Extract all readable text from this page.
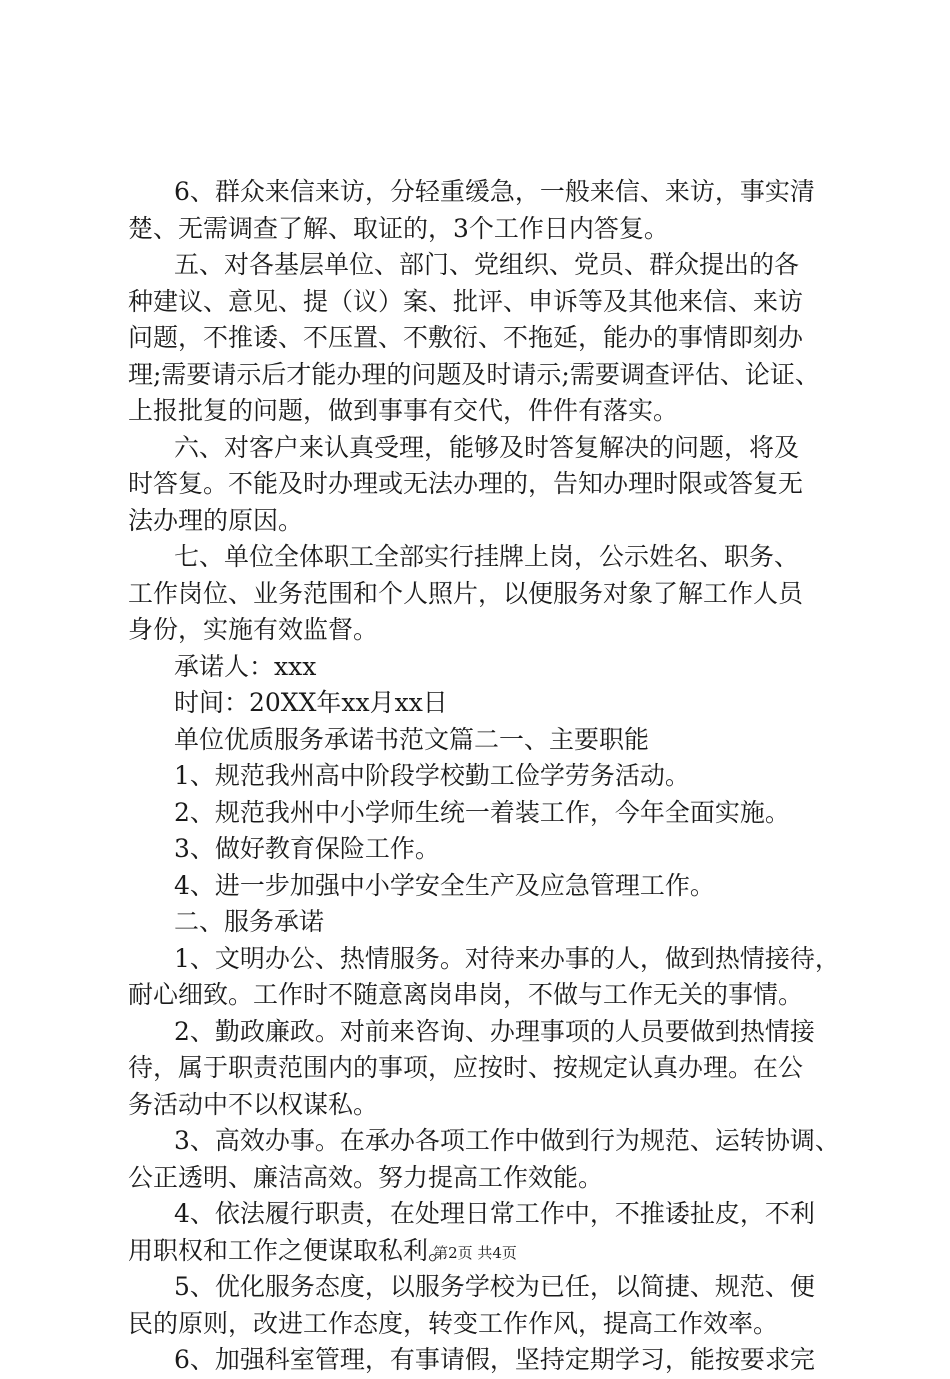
6、群众来信来访，分轻重缓急，一般来信、来访，事实清
楚、无需调查了解、取证的，3个工作日内答复。
五、对各基层单位、部门、党组织、党员、群众提出的各
种建议、意见、提（议）案、批评、申诉等及其他来信、来访
问题，不推诿、不压置、不敷衍、不拖延，能办的事情即刻办
理;需要请示后才能办理的问题及时请示;需要调查评估、论证、
上报批复的问题，做到事事有交代，件件有落实。
六、对客户来认真受理，能够及时答复解决的问题，将及
时答复。不能及时办理或无法办理的，告知办理时限或答复无
法办理的原因。
七、单位全体职工全部实行挂牌上岗，公示姓名、职务、
工作岗位、业务范围和个人照片，以便服务对象了解工作人员
身份，实施有效监督。
承诺人：xxx
时间：20XX年xx月xx日
单位优质服务承诺书范文篇二一、主要职能
1、规范我州高中阶段学校勤工俭学劳务活动。
2、规范我州中小学师生统一着装工作，今年全面实施。
3、做好教育保险工作。
4、进一步加强中小学安全生产及应急管理工作。
二、服务承诺
1、文明办公、热情服务。对待来办事的人，做到热情接待，
耐心细致。工作时不随意离岗串岗，不做与工作无关的事情。
2、勤政廉政。对前来咨询、办理事项的人员要做到热情接
待，属于职责范围内的事项，应按时、按规定认真办理。在公
务活动中不以权谋私。
3、高效办事。在承办各项工作中做到行为规范、运转协调、
公正透明、廉洁高效。努力提高工作效能。
4、依法履行职责，在处理日常工作中，不推诿扯皮，不利
用职权和工作之便谋取私利。
5、优化服务态度，以服务学校为已任，以简捷、规范、便
民的原则，改进工作态度，转变工作作风，提高工作效率。
6、加强科室管理，有事请假，坚持定期学习，能按要求完
第2页 共4页
